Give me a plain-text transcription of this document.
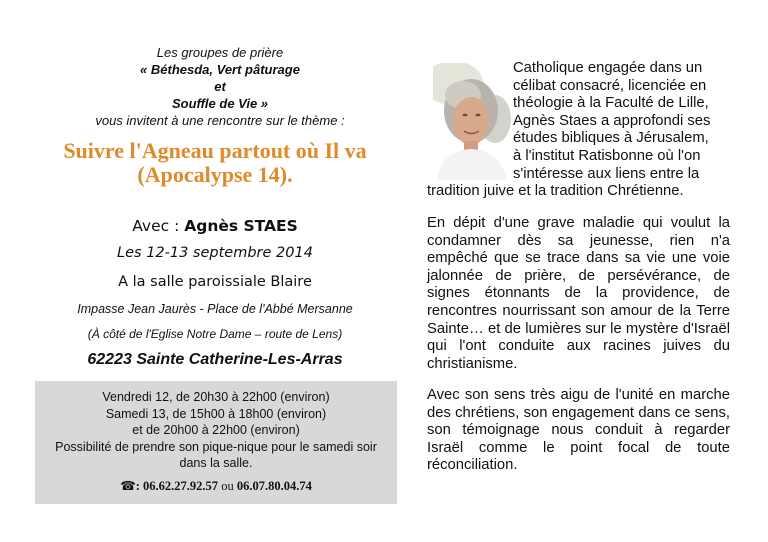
Les groupes de prière
« Béthesda, Vert pâturage
et
Souffle de Vie »
vous invitent à une rencontre sur le thème :
Suivre l'Agneau partout où Il va
(Apocalypse 14).
Avec : Agnès STAES
Les 12-13 septembre 2014
A la salle paroissiale Blaire
Impasse Jean Jaurès - Place de l'Abbé Mersanne
(À côté de l'Eglise Notre Dame – route de Lens)
62223 Sainte Catherine-Les-Arras
Vendredi 12, de 20h30 à 22h00 (environ)
Samedi 13, de 15h00 à 18h00 (environ)
et de 20h00 à 22h00 (environ)
Possibilité de prendre son pique-nique pour le samedi soir
dans la salle.
☎: 06.62.27.92.57 ou 06.07.80.04.74
Catholique engagée dans un
célibat consacré, licenciée en
théologie à la Faculté de Lille,
Agnès Staes a approfondi ses
études bibliques à Jérusalem,
à l'institut Ratisbonne où l'on
s'intéresse aux liens entre la
tradition juive et la tradition Chrétienne.
En dépit d'une grave maladie qui voulut la condamner dès sa jeunesse, rien n'a empêché que se trace dans sa vie une voie jalonnée de prière, de persévérance, de signes étonnants de la providence, de rencontres nourrissant son amour de la Terre Sainte… et de lumières sur le mystère d'Israël qui l'ont conduite aux racines juives du christianisme.
Avec son sens très aigu de l'unité en marche des chrétiens, son engagement dans ce sens, son témoignage nous conduit à regarder Israël comme le point focal de toute réconciliation.
